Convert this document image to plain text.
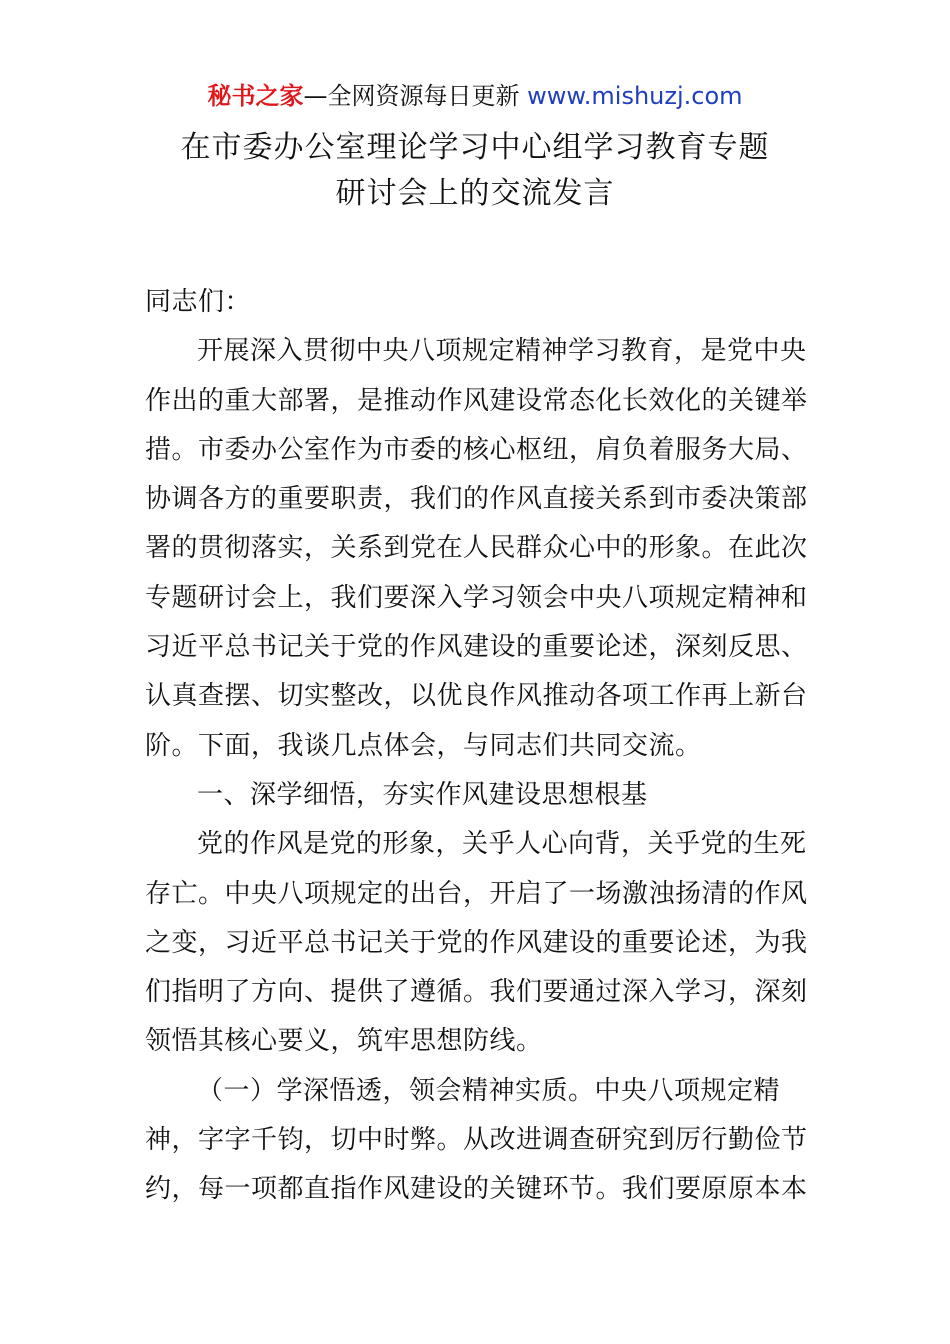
秘书之家—全网资源每日更新 www.mishuzj.com
在市委办公室理论学习中心组学习教育专题
研讨会上的交流发言
同志们：
开展深入贯彻中央八项规定精神学习教育，是党中央
作出的重大部署，是推动作风建设常态化长效化的关键举
措。市委办公室作为市委的核心枢纽，肩负着服务大局、
协调各方的重要职责，我们的作风直接关系到市委决策部
署的贯彻落实，关系到党在人民群众心中的形象。在此次
专题研讨会上，我们要深入学习领会中央八项规定精神和
习近平总书记关于党的作风建设的重要论述，深刻反思、
认真查摆、切实整改，以优良作风推动各项工作再上新台
阶。下面，我谈几点体会，与同志们共同交流。
一、深学细悟，夯实作风建设思想根基
党的作风是党的形象，关乎人心向背，关乎党的生死
存亡。中央八项规定的出台，开启了一场激浊扬清的作风
之变，习近平总书记关于党的作风建设的重要论述，为我
们指明了方向、提供了遵循。我们要通过深入学习，深刻
领悟其核心要义，筑牢思想防线。
（一）学深悟透，领会精神实质。中央八项规定精
神，字字千钧，切中时弊。从改进调查研究到厉行勤俭节
约，每一项都直指作风建设的关键环节。我们要原原本本
